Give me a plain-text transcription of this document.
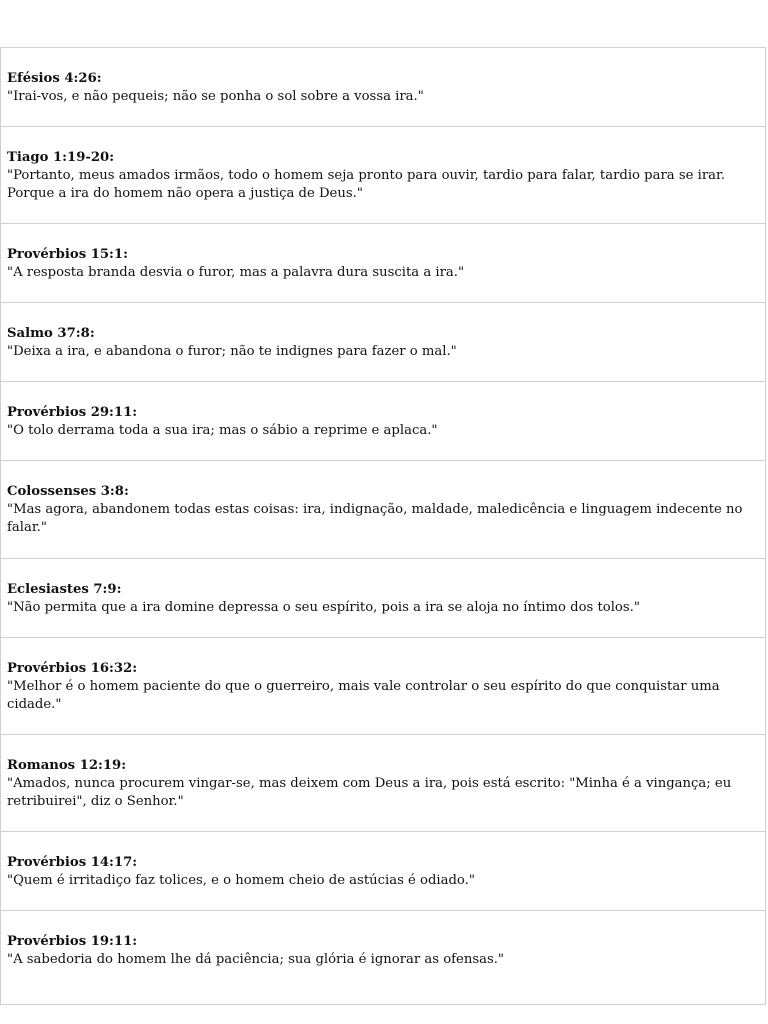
Efésios 4:26:
"Irai-vos, e não pequeis; não se ponha o sol sobre a vossa ira."
Tiago 1:19-20:
"Portanto, meus amados irmãos, todo o homem seja pronto para ouvir, tardio para falar, tardio para se irar. Porque a ira do homem não opera a justiça de Deus."
Provérbios 15:1:
"A resposta branda desvia o furor, mas a palavra dura suscita a ira."
Salmo 37:8:
"Deixa a ira, e abandona o furor; não te indignes para fazer o mal."
Provérbios 29:11:
"O tolo derrama toda a sua ira; mas o sábio a reprime e aplaca."
Colossenses 3:8:
"Mas agora, abandonem todas estas coisas: ira, indignação, maldade, maledicência e linguagem indecente no falar."
Eclesiastes 7:9:
"Não permita que a ira domine depressa o seu espírito, pois a ira se aloja no íntimo dos tolos."
Provérbios 16:32:
"Melhor é o homem paciente do que o guerreiro, mais vale controlar o seu espírito do que conquistar uma cidade."
Romanos 12:19:
"Amados, nunca procurem vingar-se, mas deixem com Deus a ira, pois está escrito: "Minha é a vingança; eu retribuirei", diz o Senhor."
Provérbios 14:17:
"Quem é irritadiço faz tolices, e o homem cheio de astúcias é odiado."
Provérbios 19:11:
"A sabedoria do homem lhe dá paciência; sua glória é ignorar as ofensas."
